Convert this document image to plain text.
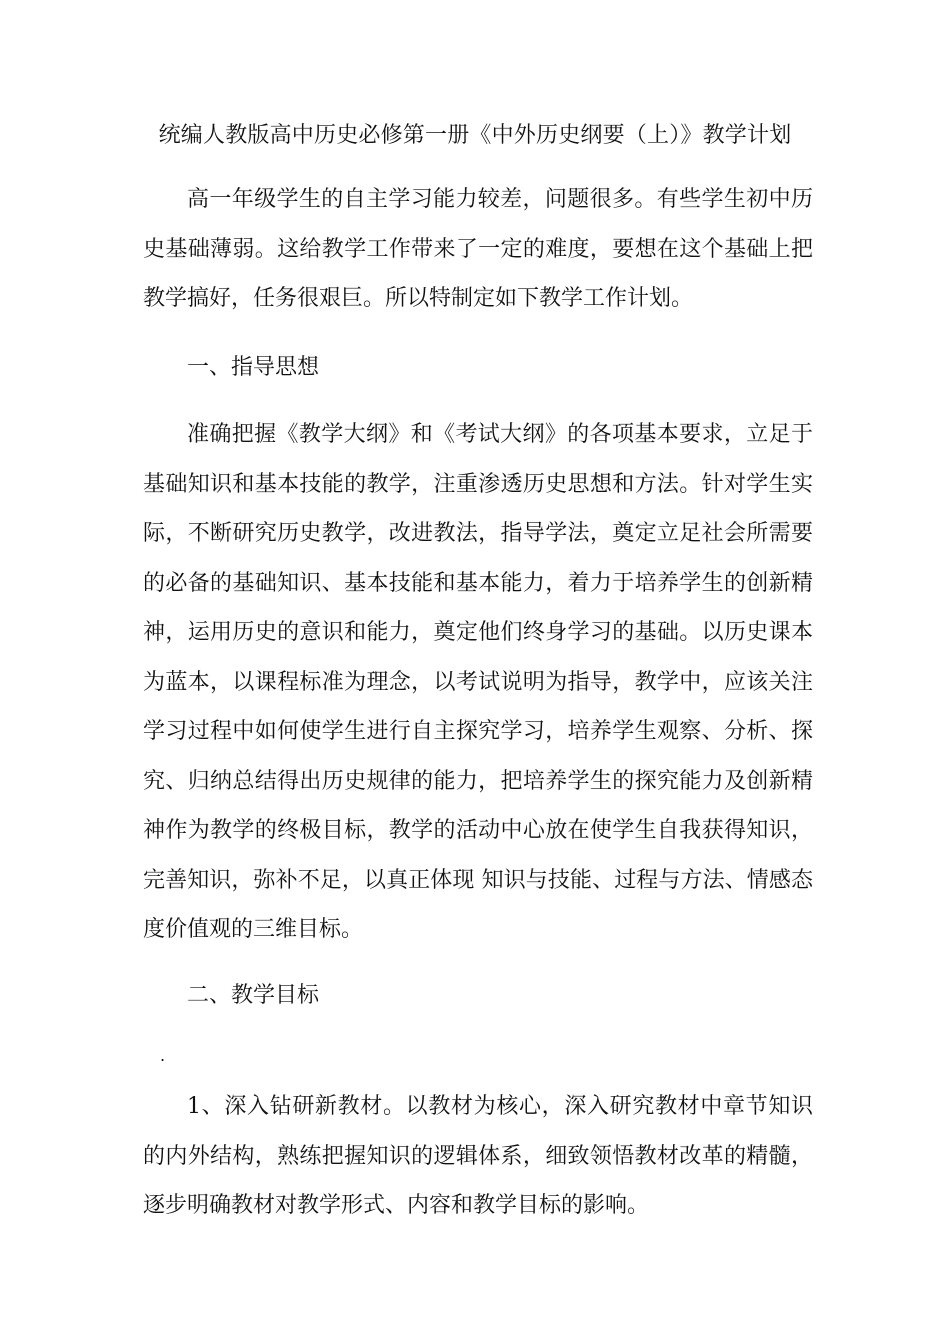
统编人教版高中历史必修第一册《中外历史纲要（上）》教学计划

高一年级学生的自主学习能力较差，问题很多。有些学生初中历史基础薄弱。这给教学工作带来了一定的难度，要想在这个基础上把教学搞好，任务很艰巨。所以特制定如下教学工作计划。

一、指导思想

准确把握《教学大纲》和《考试大纲》的各项基本要求，立足于基础知识和基本技能的教学，注重渗透历史思想和方法。针对学生实际，不断研究历史教学，改进教法，指导学法，奠定立足社会所需要的必备的基础知识、基本技能和基本能力，着力于培养学生的创新精神，运用历史的意识和能力，奠定他们终身学习的基础。以历史课本为蓝本，以课程标准为理念，以考试说明为指导，教学中，应该关注学习过程中如何使学生进行自主探究学习，培养学生观察、分析、探究、归纳总结得出历史规律的能力，把培养学生的探究能力及创新精神作为教学的终极目标，教学的活动中心放在使学生自我获得知识，完善知识，弥补不足，以真正体现 知识与技能、过程与方法、情感态度价值观的三维目标。

二、教学目标

.

1、深入钻研新教材。以教材为核心，深入研究教材中章节知识的内外结构，熟练把握知识的逻辑体系，细致领悟教材改革的精髓，逐步明确教材对教学形式、内容和教学目标的影响。
